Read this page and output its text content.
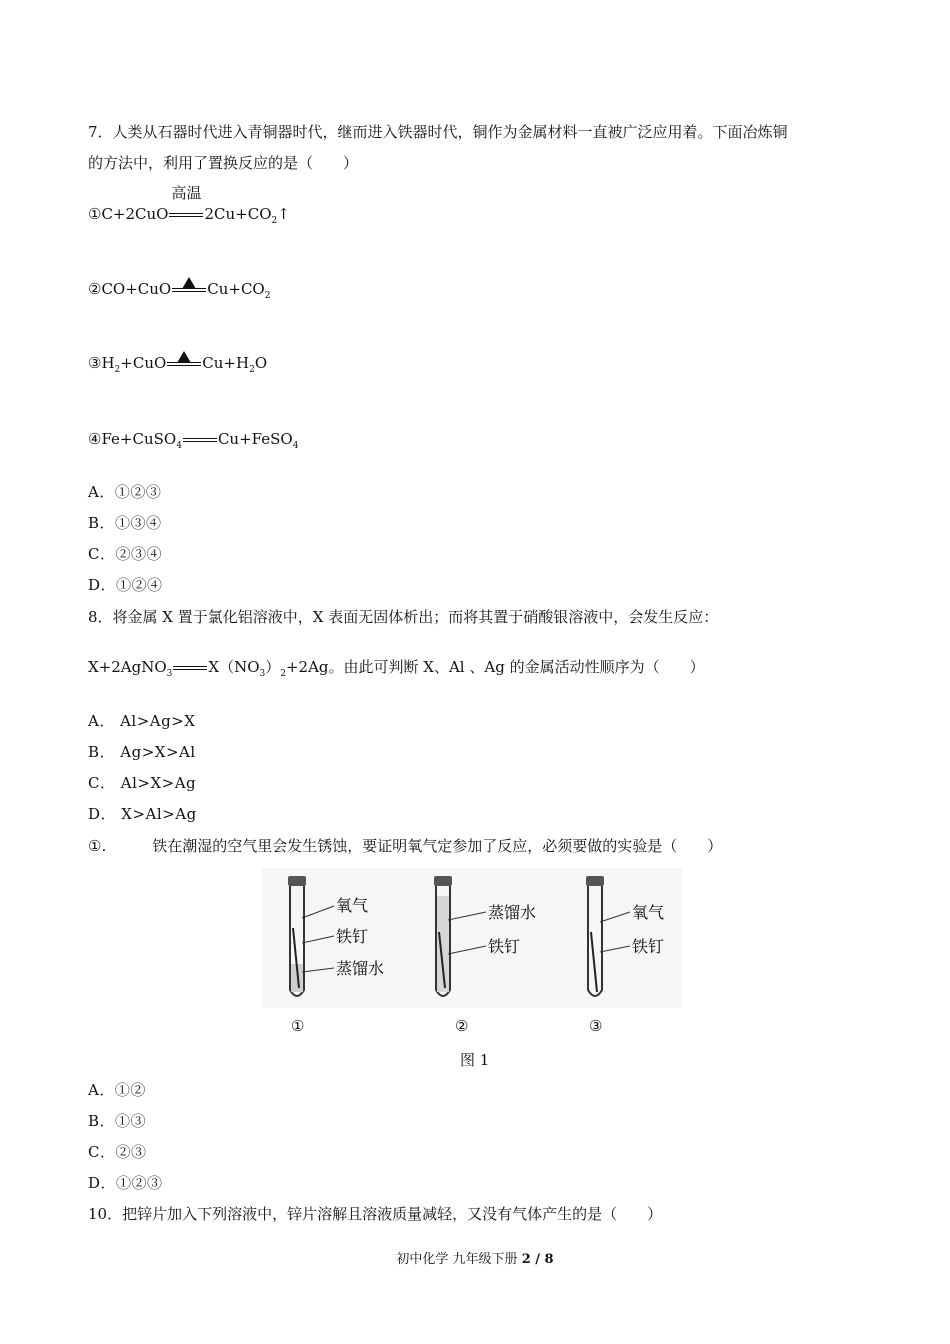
7．人类从石器时代进入青铜器时代，继而进入铁器时代，铜作为金属材料一直被广泛应用着。下面冶炼铜
的方法中，利用了置换反应的是（　　）
①C+2CuO
高温
$2Cu+CO_2↑$
②CO+CuO $Cu+CO_2$
$③H_2+CuO$ $Cu+H_2O$
④Fe+CuSO$_4$ Cu+FeSO$_4$
A．①②③
B．①③④
C．②③④
D．①②④
8．将金属 X 置于氯化铝溶液中，X 表面无固体析出；而将其置于硝酸银溶液中，会发生反应：
X+2AgNO$_3$ $X(NO_3)_2+2Ag$。由此可判断 X、Al 、Ag 的金属活动性顺序为（　　）
A． Al>Ag>X
B． Ag>X>Al
C． Al>X>Ag
D． X>Al>Ag
①.	铁在潮湿的空气里会发生锈蚀，要证明氧气定参加了反应，必须要做的实验是（　　）
氧气
铁钉
蒸馏水
蒸馏水
铁钉
氧气
铁钉
①	②	③
图 1
A．①②
B．①③
C．②③
D．①②③
10．把锌片加入下列溶液中，锌片溶解且溶液质量减轻，又没有气体产生的是（　　）
初中化学 九年级下册 2 / 8
